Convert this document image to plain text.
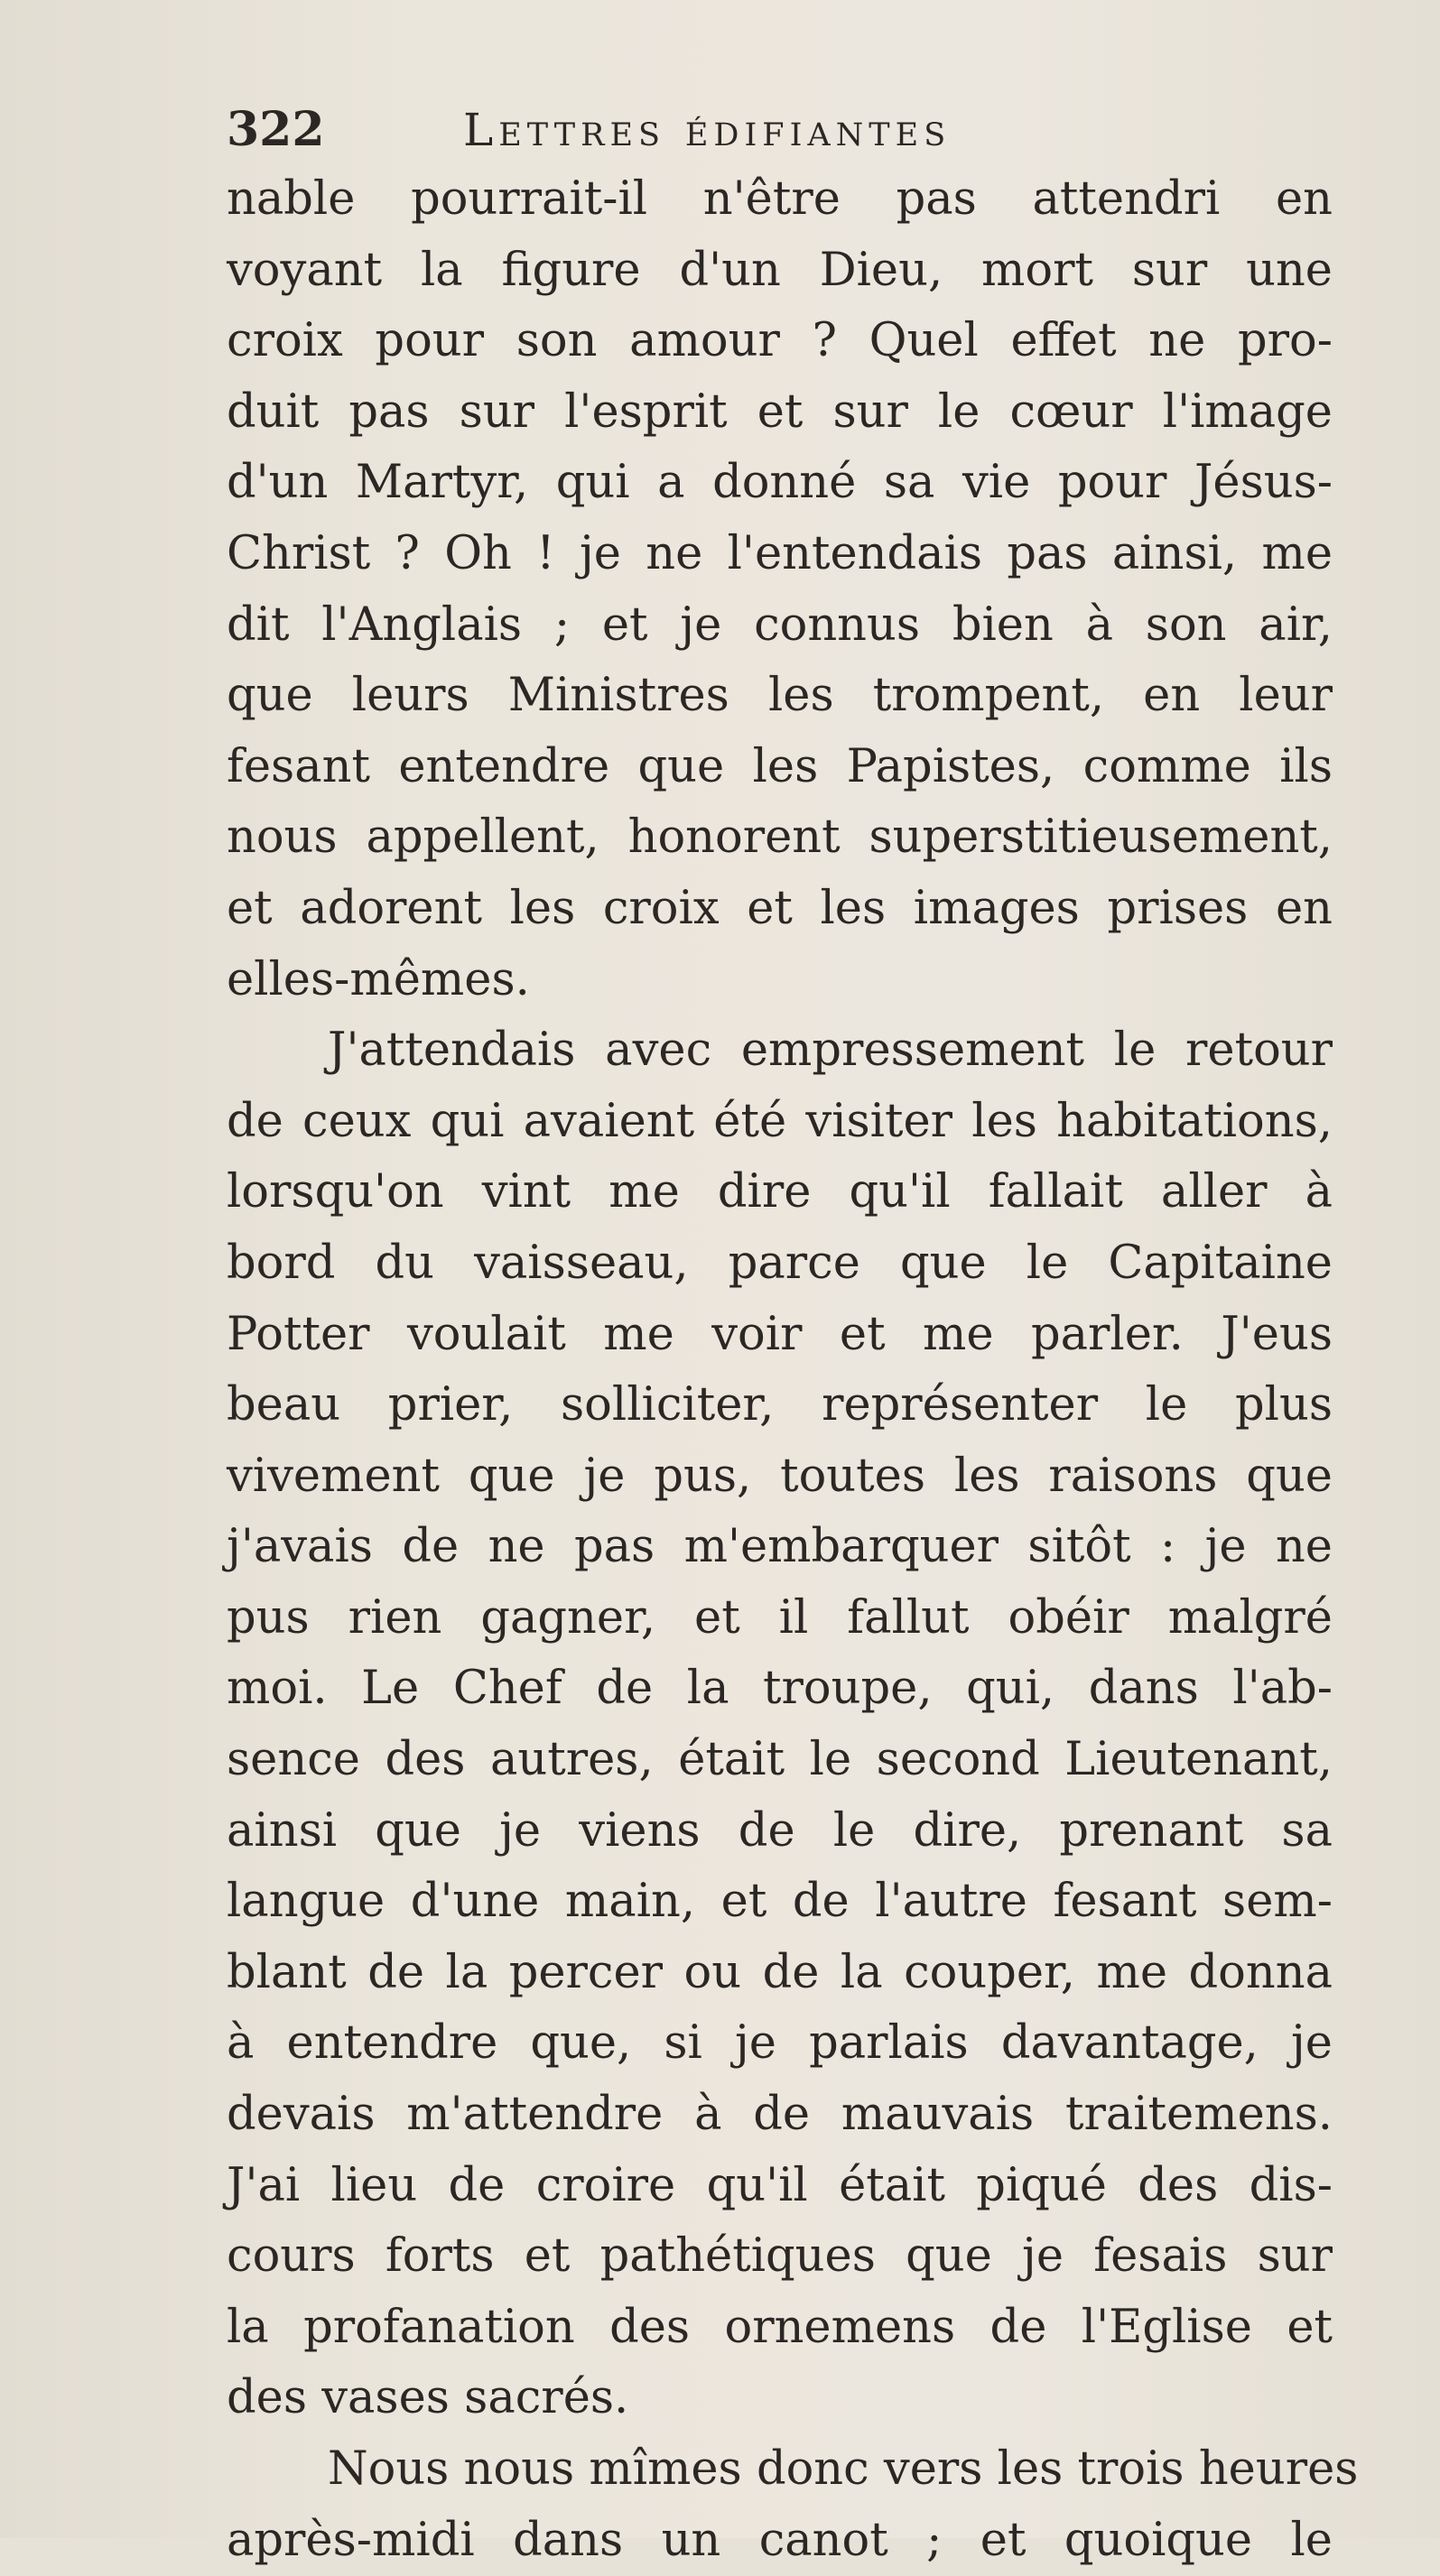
322	Lettres édifiantes
nable pourrait-il n'être pas attendri en
voyant la figure d'un Dieu, mort sur une
croix pour son amour ? Quel effet ne pro-
duit pas sur l'esprit et sur le cœur l'image
d'un Martyr, qui a donné sa vie pour Jésus-
Christ ? Oh ! je ne l'entendais pas ainsi, me
dit l'Anglais ; et je connus bien à son air,
que leurs Ministres les trompent, en leur
fesant entendre que les Papistes, comme ils
nous appellent, honorent superstitieusement,
et adorent les croix et les images prises en
elles-mêmes.
J'attendais avec empressement le retour
de ceux qui avaient été visiter les habitations,
lorsqu'on vint me dire qu'il fallait aller à
bord du vaisseau, parce que le Capitaine
Potter voulait me voir et me parler. J'eus
beau prier, solliciter, représenter le plus
vivement que je pus, toutes les raisons que
j'avais de ne pas m'embarquer sitôt : je ne
pus rien gagner, et il fallut obéir malgré
moi. Le Chef de la troupe, qui, dans l'ab-
sence des autres, était le second Lieutenant,
ainsi que je viens de le dire, prenant sa
langue d'une main, et de l'autre fesant sem-
blant de la percer ou de la couper, me donna
à entendre que, si je parlais davantage, je
devais m'attendre à de mauvais traitemens.
J'ai lieu de croire qu'il était piqué des dis-
cours forts et pathétiques que je fesais sur
la profanation des ornemens de l'Eglise et
des vases sacrés.
Nous nous mîmes donc vers les trois heures
après-midi dans un canot ; et quoique le
